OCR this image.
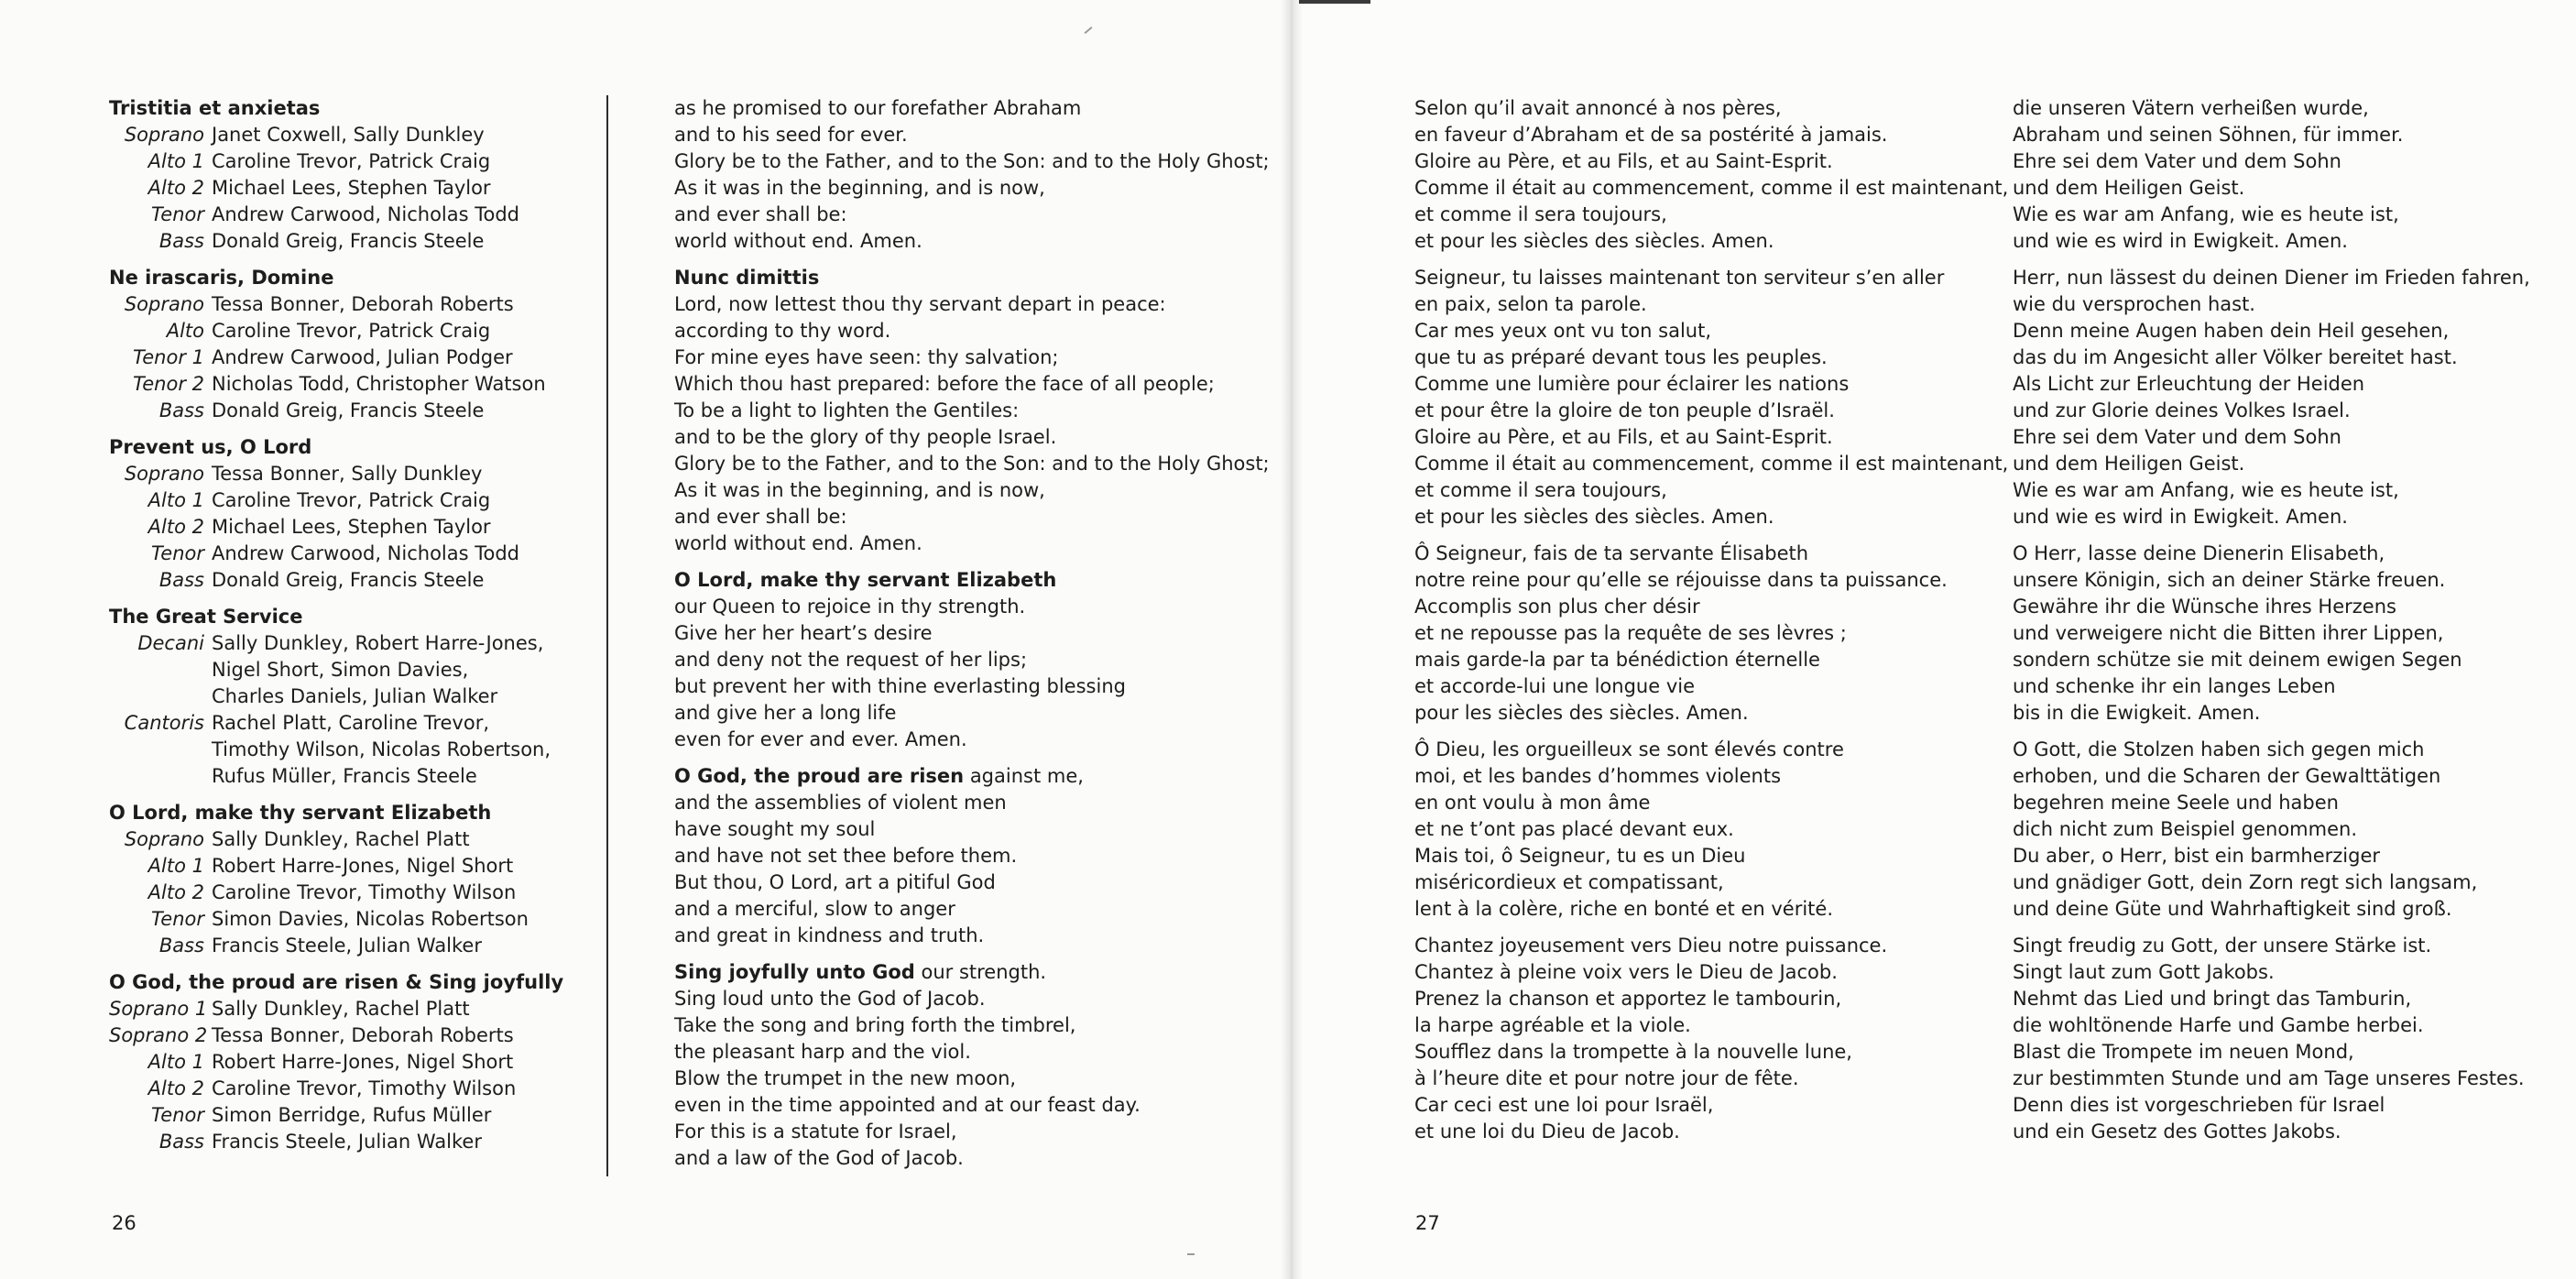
Tristitia et anxietas

Soprano Janet Coxwell, Sally Dunkley
Alto 1 Caroline Trevor, Patrick Craig
Alto 2 Michael Lees, Stephen Taylor
Tenor Andrew Carwood, Nicholas Todd
Bass Donald Greig, Francis Steele

Ne irascaris, Domine

Soprano Tessa Bonner, Deborah Roberts
Alto Caroline Trevor, Patrick Craig
Tenor 1 Andrew Carwood, Julian Podger
Tenor 2 Nicholas Todd, Christopher Watson
Bass Donald Greig, Francis Steele

Prevent us, O Lord

Soprano Tessa Bonner, Sally Dunkley
Alto 1 Caroline Trevor, Patrick Craig
Alto 2 Michael Lees, Stephen Taylor
Tenor Andrew Carwood, Nicholas Todd
Bass Donald Greig, Francis Steele

The Great Service

Decani Sally Dunkley, Robert Harre-Jones,
Nigel Short, Simon Davies,
Charles Daniels, Julian Walker
Cantoris Rachel Platt, Caroline Trevor,
Timothy Wilson, Nicolas Robertson,
Rufus Müller, Francis Steele

O Lord, make thy servant Elizabeth

Soprano Sally Dunkley, Rachel Platt
Alto 1 Robert Harre-Jones, Nigel Short
Alto 2 Caroline Trevor, Timothy Wilson
Tenor Simon Davies, Nicolas Robertson
Bass Francis Steele, Julian Walker

O God, the proud are risen & Sing joyfully

Soprano 1 Sally Dunkley, Rachel Platt
Soprano 2 Tessa Bonner, Deborah Roberts
Alto 1 Robert Harre-Jones, Nigel Short
Alto 2 Caroline Trevor, Timothy Wilson
Tenor Simon Berridge, Rufus Müller
Bass Francis Steele, Julian Walker

as he promised to our forefather Abraham

and to his seed for ever.

Glory be to the Father, and to the Son: and to the Holy Ghost;

As it was in the beginning, and is now,

and ever shall be:

world without end. Amen.

Nunc dimittis

Lord, now lettest thou thy servant depart in peace:

according to thy word.

For mine eyes have seen: thy salvation;

Which thou hast prepared: before the face of all people;

To be a light to lighten the Gentiles:

and to be the glory of thy people Israel.

Glory be to the Father, and to the Son: and to the Holy Ghost;

As it was in the beginning, and is now,

and ever shall be:

world without end. Amen.

O Lord, make thy servant Elizabeth

our Queen to rejoice in thy strength.

Give her her heart’s desire

and deny not the request of her lips;

but prevent her with thine everlasting blessing

and give her a long life

even for ever and ever. Amen.

O God, the proud are risen against me,

and the assemblies of violent men

have sought my soul

and have not set thee before them.

But thou, O Lord, art a pitiful God

and a merciful, slow to anger

and great in kindness and truth.

Sing joyfully unto God our strength.

Sing loud unto the God of Jacob.

Take the song and bring forth the timbrel,

the pleasant harp and the viol.

Blow the trumpet in the new moon,

even in the time appointed and at our feast day.

For this is a statute for Israel,

and a law of the God of Jacob.

26

Selon qu’il avait annoncé à nos pères,

en faveur d’Abraham et de sa postérité à jamais.

Gloire au Père, et au Fils, et au Saint-Esprit.

Comme il était au commencement, comme il est maintenant,

et comme il sera toujours,

et pour les siècles des siècles. Amen.

Seigneur, tu laisses maintenant ton serviteur s’en aller

en paix, selon ta parole.

Car mes yeux ont vu ton salut,

que tu as préparé devant tous les peuples.

Comme une lumière pour éclairer les nations

et pour être la gloire de ton peuple d’Israël.

Gloire au Père, et au Fils, et au Saint-Esprit.

Comme il était au commencement, comme il est maintenant,

et comme il sera toujours,

et pour les siècles des siècles. Amen.

Ô Seigneur, fais de ta servante Élisabeth

notre reine pour qu’elle se réjouisse dans ta puissance.

Accomplis son plus cher désir

et ne repousse pas la requête de ses lèvres ;

mais garde-la par ta bénédiction éternelle

et accorde-lui une longue vie

pour les siècles des siècles. Amen.

Ô Dieu, les orgueilleux se sont élevés contre

moi, et les bandes d’hommes violents

en ont voulu à mon âme

et ne t’ont pas placé devant eux.

Mais toi, ô Seigneur, tu es un Dieu

miséricordieux et compatissant,

lent à la colère, riche en bonté et en vérité.

Chantez joyeusement vers Dieu notre puissance.

Chantez à pleine voix vers le Dieu de Jacob.

Prenez la chanson et apportez le tambourin,

la harpe agréable et la viole.

Soufflez dans la trompette à la nouvelle lune,

à l’heure dite et pour notre jour de fête.

Car ceci est une loi pour Israël,

et une loi du Dieu de Jacob.

die unseren Vätern verheißen wurde,

Abraham und seinen Söhnen, für immer.

Ehre sei dem Vater und dem Sohn

und dem Heiligen Geist.

Wie es war am Anfang, wie es heute ist,

und wie es wird in Ewigkeit. Amen.

Herr, nun lässest du deinen Diener im Frieden fahren,

wie du versprochen hast.

Denn meine Augen haben dein Heil gesehen,

das du im Angesicht aller Völker bereitet hast.

Als Licht zur Erleuchtung der Heiden

und zur Glorie deines Volkes Israel.

Ehre sei dem Vater und dem Sohn

und dem Heiligen Geist.

Wie es war am Anfang, wie es heute ist,

und wie es wird in Ewigkeit. Amen.

O Herr, lasse deine Dienerin Elisabeth,

unsere Königin, sich an deiner Stärke freuen.

Gewähre ihr die Wünsche ihres Herzens

und verweigere nicht die Bitten ihrer Lippen,

sondern schütze sie mit deinem ewigen Segen

und schenke ihr ein langes Leben

bis in die Ewigkeit. Amen.

O Gott, die Stolzen haben sich gegen mich

erhoben, und die Scharen der Gewalttätigen

begehren meine Seele und haben

dich nicht zum Beispiel genommen.

Du aber, o Herr, bist ein barmherziger

und gnädiger Gott, dein Zorn regt sich langsam,

und deine Güte und Wahrhaftigkeit sind groß.

Singt freudig zu Gott, der unsere Stärke ist.

Singt laut zum Gott Jakobs.

Nehmt das Lied und bringt das Tamburin,

die wohltönende Harfe und Gambe herbei.

Blast die Trompete im neuen Mond,

zur bestimmten Stunde und am Tage unseres Festes.

Denn dies ist vorgeschrieben für Israel

und ein Gesetz des Gottes Jakobs.

27
